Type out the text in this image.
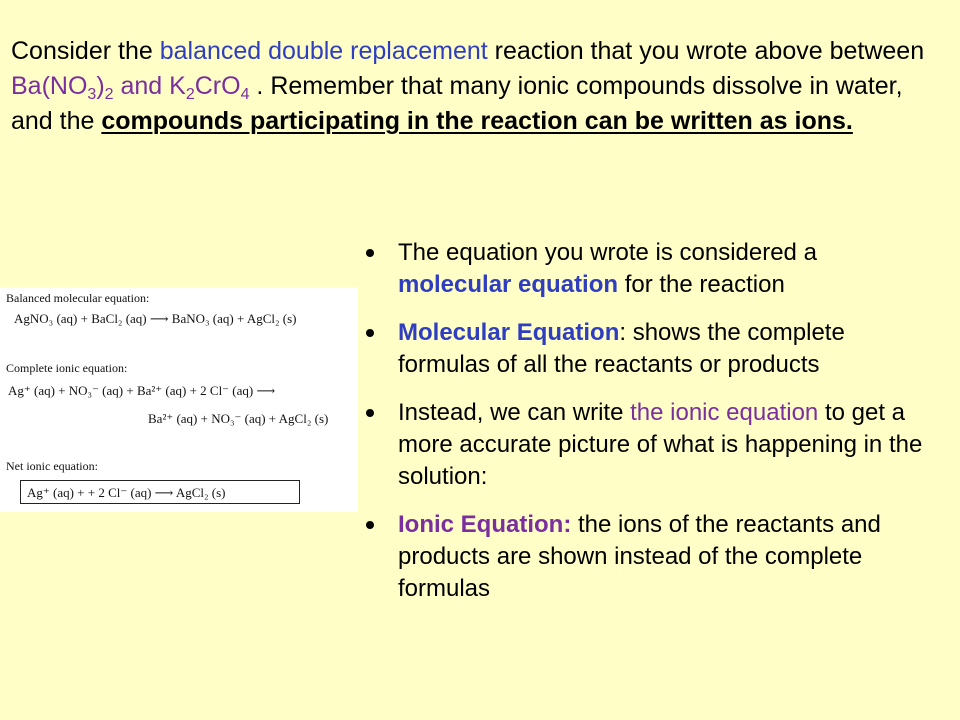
Consider the balanced double replacement reaction that you wrote above between $Ba(NO_3)_2$ and $K_2CrO_4$ . Remember that many ionic compounds dissolve in water, and the compounds participating in the reaction can be written as ions.

Balanced molecular equation:
AgNO₃ (aq) + BaCl₂ (aq) ⟶ BaNO₃ (aq) + AgCl₂ (s)
Complete ionic equation:
Ag⁺ (aq) + NO₃⁻ (aq) + Ba²⁺ (aq) + 2 Cl⁻ (aq) ⟶
Ba²⁺ (aq) + NO₃⁻ (aq) + AgCl₂ (s)
Net ionic equation:
Ag⁺ (aq) + + 2 Cl⁻ (aq) ⟶ AgCl₂ (s)
The equation you wrote is considered a molecular equation for the reaction
Molecular Equation: shows the complete formulas of all the reactants or products
Instead, we can write the ionic equation to get a more accurate picture of what is happening in the solution:
Ionic Equation: the ions of the reactants and products are shown instead of the complete formulas
